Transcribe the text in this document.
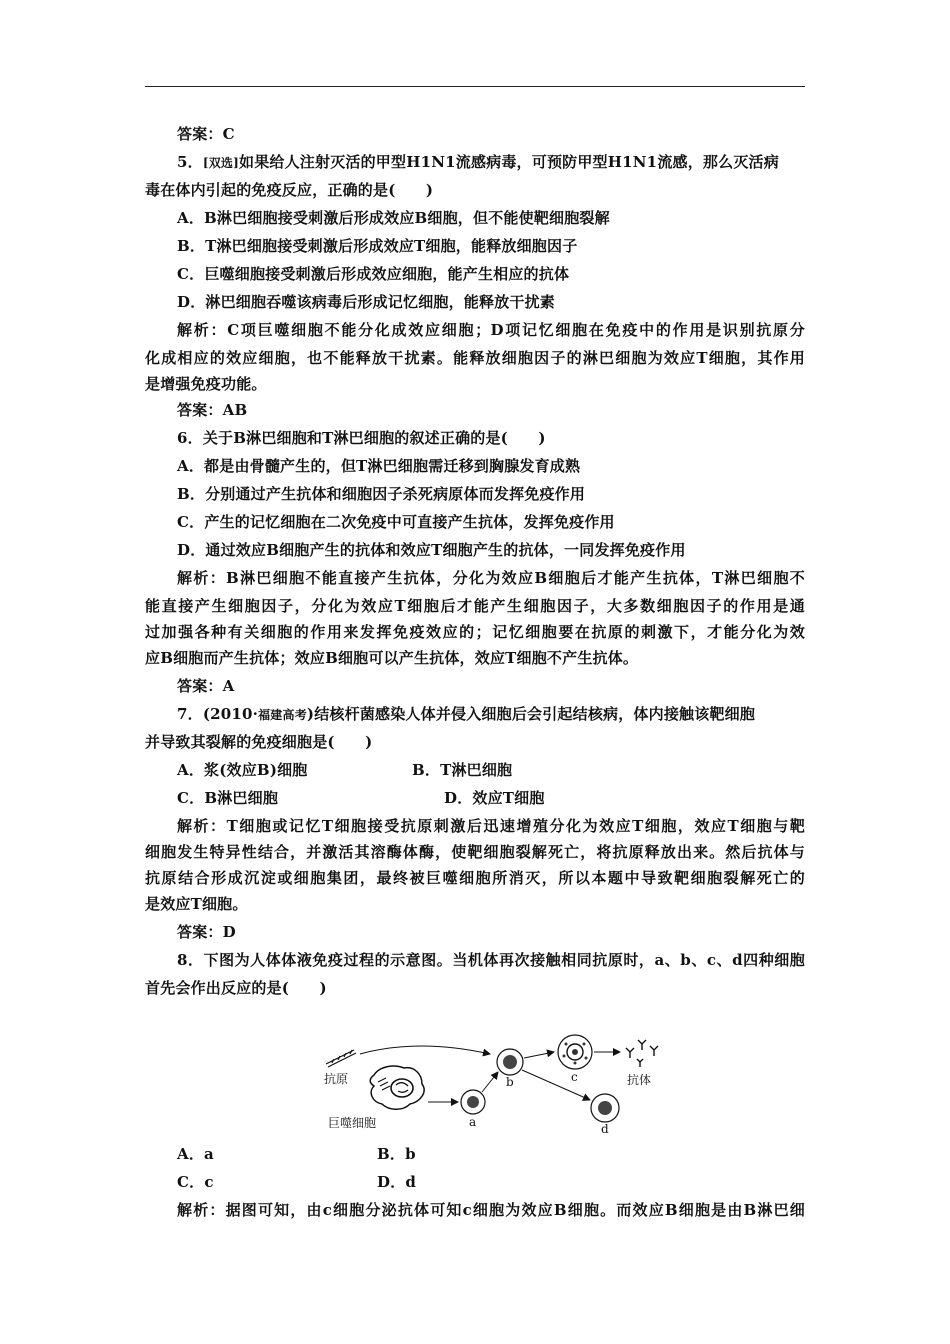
答案：C
5．[双选]如果给人注射灭活的甲型H1N1流感病毒，可预防甲型H1N1流感，那么灭活病
毒在体内引起的免疫反应，正确的是(　　)
A．B淋巴细胞接受刺激后形成效应B细胞，但不能使靶细胞裂解
B．T淋巴细胞接受刺激后形成效应T细胞，能释放细胞因子
C．巨噬细胞接受刺激后形成效应细胞，能产生相应的抗体
D．淋巴细胞吞噬该病毒后形成记忆细胞，能释放干扰素
解析：C项巨噬细胞不能分化成效应细胞；D项记忆细胞在免疫中的作用是识别抗原分
化成相应的效应细胞，也不能释放干扰素。能释放细胞因子的淋巴细胞为效应T细胞，其作用
是增强免疫功能。
答案：AB
6．关于B淋巴细胞和T淋巴细胞的叙述正确的是(　　)
A．都是由骨髓产生的，但T淋巴细胞需迁移到胸腺发育成熟
B．分别通过产生抗体和细胞因子杀死病原体而发挥免疫作用
C．产生的记忆细胞在二次免疫中可直接产生抗体，发挥免疫作用
D．通过效应B细胞产生的抗体和效应T细胞产生的抗体，一同发挥免疫作用
解析：B淋巴细胞不能直接产生抗体，分化为效应B细胞后才能产生抗体，T淋巴细胞不
能直接产生细胞因子，分化为效应T细胞后才能产生细胞因子，大多数细胞因子的作用是通
过加强各种有关细胞的作用来发挥免疫效应的；记忆细胞要在抗原的刺激下，才能分化为效
应B细胞而产生抗体；效应B细胞可以产生抗体，效应T细胞不产生抗体。
答案：A
7．(2010·福建高考)结核杆菌感染人体并侵入细胞后会引起结核病，体内接触该靶细胞
并导致其裂解的免疫细胞是(　　)
A．浆(效应B)细胞	B．T淋巴细胞
C．B淋巴细胞	D．效应T细胞
解析：T细胞或记忆T细胞接受抗原刺激后迅速增殖分化为效应T细胞，效应T细胞与靶
细胞发生特异性结合，并激活其溶酶体酶，使靶细胞裂解死亡，将抗原释放出来。然后抗体与
抗原结合形成沉淀或细胞集团，最终被巨噬细胞所消灭，所以本题中导致靶细胞裂解死亡的
是效应T细胞。
答案：D
8．下图为人体体液免疫过程的示意图。当机体再次接触相同抗原时，a、b、c、d四种细胞
首先会作出反应的是(　　)
抗原
巨噬细胞	a
b	c	抗体
d
A．a	B．b
C．c	D．d
解析：据图可知，由c细胞分泌抗体可知c细胞为效应B细胞。而效应B细胞是由B淋巴细
